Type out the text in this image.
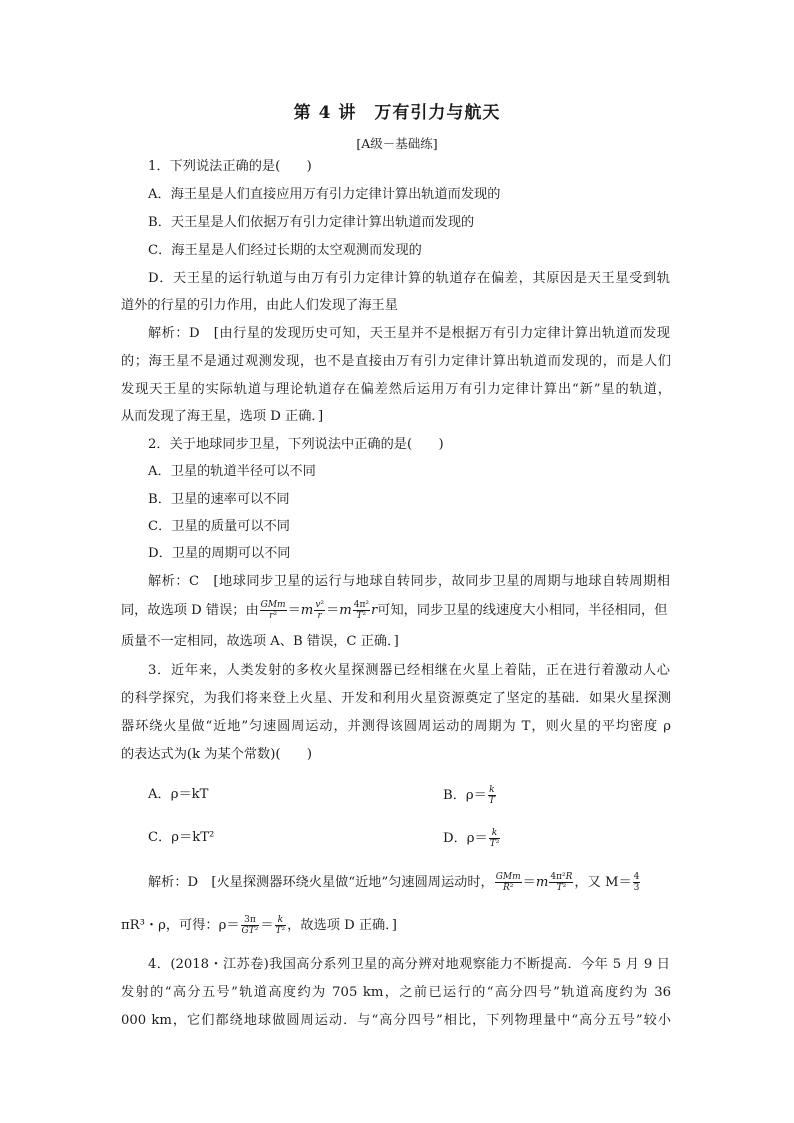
第 4 讲　万有引力与航天
[A级－基础练]
1．下列说法正确的是(　　)
A．海王星是人们直接应用万有引力定律计算出轨道而发现的
B．天王星是人们依据万有引力定律计算出轨道而发现的
C．海王星是人们经过长期的太空观测而发现的
D．天王星的运行轨道与由万有引力定律计算的轨道存在偏差，其原因是天王星受到轨
道外的行星的引力作用，由此人们发现了海王星
解析：D　[由行星的发现历史可知，天王星并不是根据万有引力定律计算出轨道而发现
的；海王星不是通过观测发现，也不是直接由万有引力定律计算出轨道而发现的，而是人们
发现天王星的实际轨道与理论轨道存在偏差然后运用万有引力定律计算出“新”星的轨道，
从而发现了海王星，选项 D 正确．]
2．关于地球同步卫星，下列说法中正确的是(　　)
A．卫星的轨道半径可以不同
B．卫星的速率可以不同
C．卫星的质量可以不同
D．卫星的周期可以不同
解析：C　[地球同步卫星的运行与地球自转同步，故同步卫星的周期与地球自转周期相
同，故选项 D 错误；由 $\frac{\text{GMm}}{\text{r²}} =m \frac{\text{v²}}{r} =m \frac{\text{4π²}}{\text{T²}}$ r可知，同步卫星的线速度大小相同，半径相同，但
质量不一定相同，故选项 A、B 错误，C 正确．]
3．近年来，人类发射的多枚火星探测器已经相继在火星上着陆，正在进行着激动人心
的科学探究，为我们将来登上火星、开发和利用火星资源奠定了坚定的基础．如果火星探测
器环绕火星做“近地”匀速圆周运动，并测得该圆周运动的周期为 T，则火星的平均密度 ρ
的表达式为(k 为某个常数)(　　)
A．ρ＝kT	B．$\rho= \frac{k}{T}$
C．ρ＝kT²	D．$\rho= \frac{k}{\text{T²}}$
解析：D　[火星探测器环绕火星做“近地”匀速圆周运动时， $\frac{\text{GMm}}{\text{R²}} =m \frac{\text{4π²R}}{\text{T²}}$ ，又 $M= \frac{4}{3}$
πR³・ρ，可得：$\rho= \frac{3\pi}{\text{GT²}} = \frac{k}{\text{T²}}$ ，故选项 D 正确．]
4．(2018・江苏卷)我国高分系列卫星的高分辨对地观察能力不断提高．今年 5 月 9 日
发射的“高分五号”轨道高度约为 705 km，之前已运行的“高分四号”轨道高度约为 36
000 km，它们都绕地球做圆周运动．与“高分四号”相比，下列物理量中“高分五号”较小
